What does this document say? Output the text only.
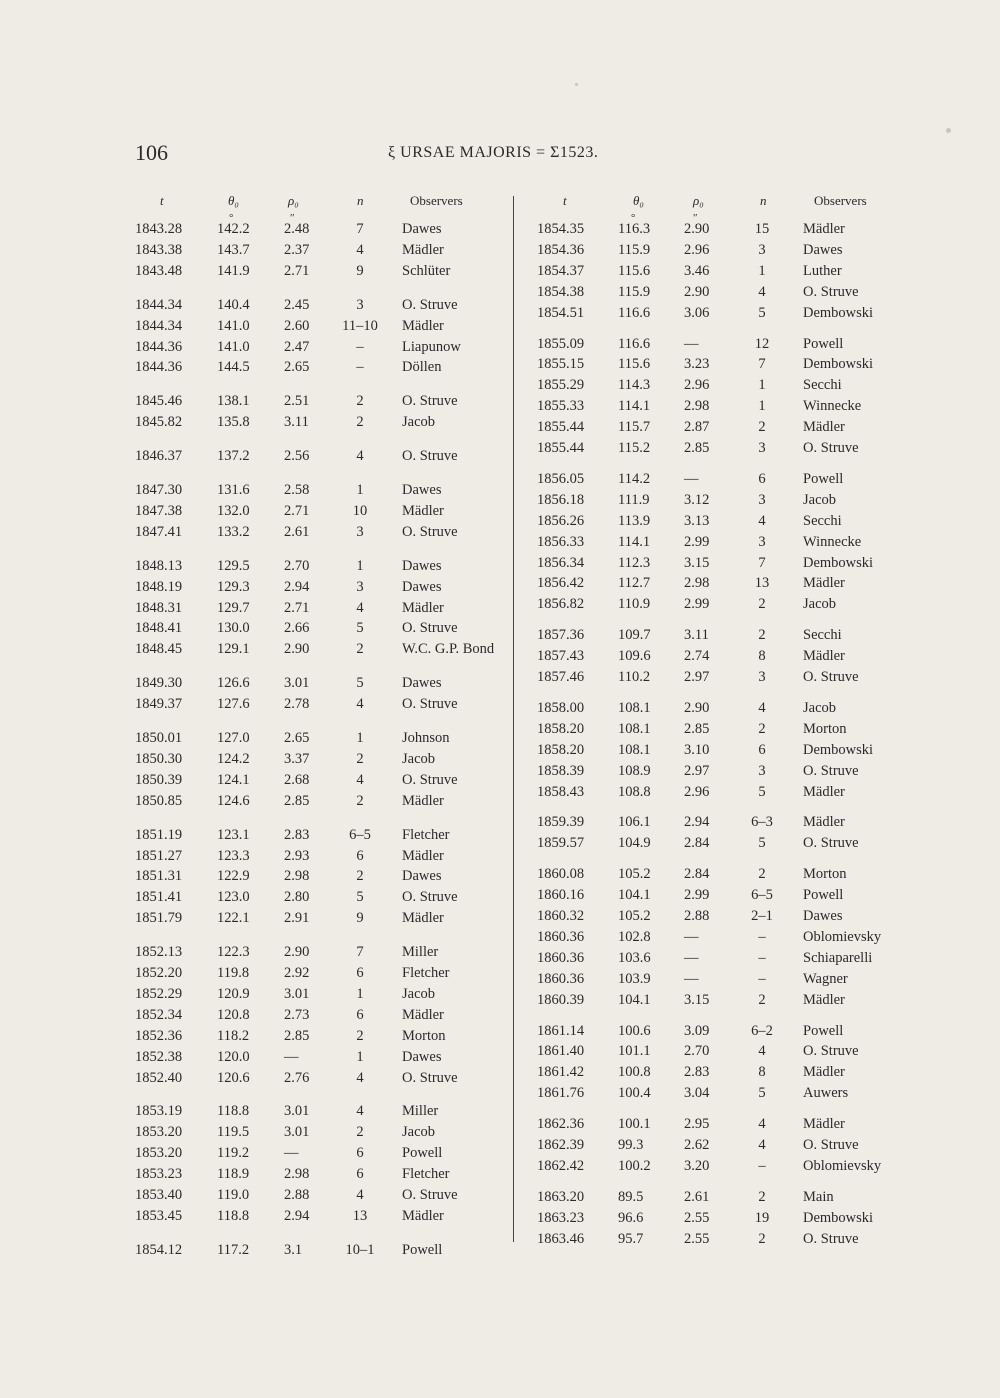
106	ξ URSAE MAJORIS = Σ1523.
t	θ₀	ρ₀	n	Observers
°	″
t	θ₀	ρ₀	n	Observers
°	″
1843.28 142.2 2.48	7	Dawes
1843.38 143.7 2.37	4	Mädler
1843.48 141.9 2.71	9	Schlüter
1844.34 140.4 2.45	3	O. Struve
1844.34 141.0 2.60	11–10	Mädler
1844.36 141.0 2.47	–	Liapunow
1844.36 144.5 2.65	–	Döllen
1845.46 138.1 2.51	2	O. Struve
1845.82 135.8 3.11	2	Jacob
1846.37 137.2 2.56	4	O. Struve
1847.30 131.6 2.58	1	Dawes
1847.38 132.0 2.71	10	Mädler
1847.41 133.2 2.61	3	O. Struve
1848.13 129.5 2.70	1	Dawes
1848.19 129.3 2.94	3	Dawes
1848.31 129.7 2.71	4	Mädler
1848.41 130.0 2.66	5	O. Struve
1848.45 129.1 2.90	2	W.C. G.P. Bond
1849.30 126.6 3.01	5	Dawes
1849.37 127.6 2.78	4	O. Struve
1850.01 127.0 2.65	1	Johnson
1850.30 124.2 3.37	2	Jacob
1850.39 124.1 2.68	4	O. Struve
1850.85 124.6 2.85	2	Mädler
1851.19 123.1 2.83	6–5	Fletcher
1851.27 123.3 2.93	6	Mädler
1851.31 122.9 2.98	2	Dawes
1851.41 123.0 2.80	5	O. Struve
1851.79 122.1 2.91	9	Mädler
1852.13 122.3 2.90	7	Miller
1852.20 119.8 2.92	6	Fletcher
1852.29 120.9 3.01	1	Jacob
1852.34 120.8 2.73	6	Mädler
1852.36 118.2 2.85	2	Morton
1852.38 120.0 —	1	Dawes
1852.40 120.6 2.76	4	O. Struve
1853.19 118.8 3.01	4	Miller
1853.20 119.5 3.01	2	Jacob
1853.20 119.2 —	6	Powell
1853.23 118.9 2.98	6	Fletcher
1853.40 119.0 2.88	4	O. Struve
1853.45 118.8 2.94	13	Mädler
1854.12 117.2 3.1	10–1	Powell
1854.35 116.3 2.90	15	Mädler
1854.36 115.9 2.96	3	Dawes
1854.37 115.6 3.46	1	Luther
1854.38 115.9 2.90	4	O. Struve
1854.51 116.6 3.06	5	Dembowski
1855.09 116.6 —	12	Powell
1855.15 115.6 3.23	7	Dembowski
1855.29 114.3 2.96	1	Secchi
1855.33 114.1 2.98	1	Winnecke
1855.44 115.7 2.87	2	Mädler
1855.44 115.2 2.85	3	O. Struve
1856.05 114.2 —	6	Powell
1856.18 111.9 3.12	3	Jacob
1856.26 113.9 3.13	4	Secchi
1856.33 114.1 2.99	3	Winnecke
1856.34 112.3 3.15	7	Dembowski
1856.42 112.7 2.98	13	Mädler
1856.82 110.9 2.99	2	Jacob
1857.36 109.7 3.11	2	Secchi
1857.43 109.6 2.74	8	Mädler
1857.46 110.2 2.97	3	O. Struve
1858.00 108.1 2.90	4	Jacob
1858.20 108.1 2.85	2	Morton
1858.20 108.1 3.10	6	Dembowski
1858.39 108.9 2.97	3	O. Struve
1858.43 108.8 2.96	5	Mädler
1859.39 106.1 2.94	6–3	Mädler
1859.57 104.9 2.84	5	O. Struve
1860.08 105.2 2.84	2	Morton
1860.16 104.1 2.99	6–5	Powell
1860.32 105.2 2.88	2–1	Dawes
1860.36 102.8 —	–	Oblomievsky
1860.36 103.6 —	–	Schiaparelli
1860.36 103.9 —	–	Wagner
1860.39 104.1 3.15	2	Mädler
1861.14 100.6 3.09	6–2	Powell
1861.40 101.1 2.70	4	O. Struve
1861.42 100.8 2.83	8	Mädler
1861.76 100.4 3.04	5	Auwers
1862.36 100.1 2.95	4	Mädler
1862.39 99.3	2.62	4	O. Struve
1862.42 100.2 3.20	–	Oblomievsky
1863.20 89.5	2.61	2	Main
1863.23 96.6	2.55	19	Dembowski
1863.46 95.7	2.55	2	O. Struve
